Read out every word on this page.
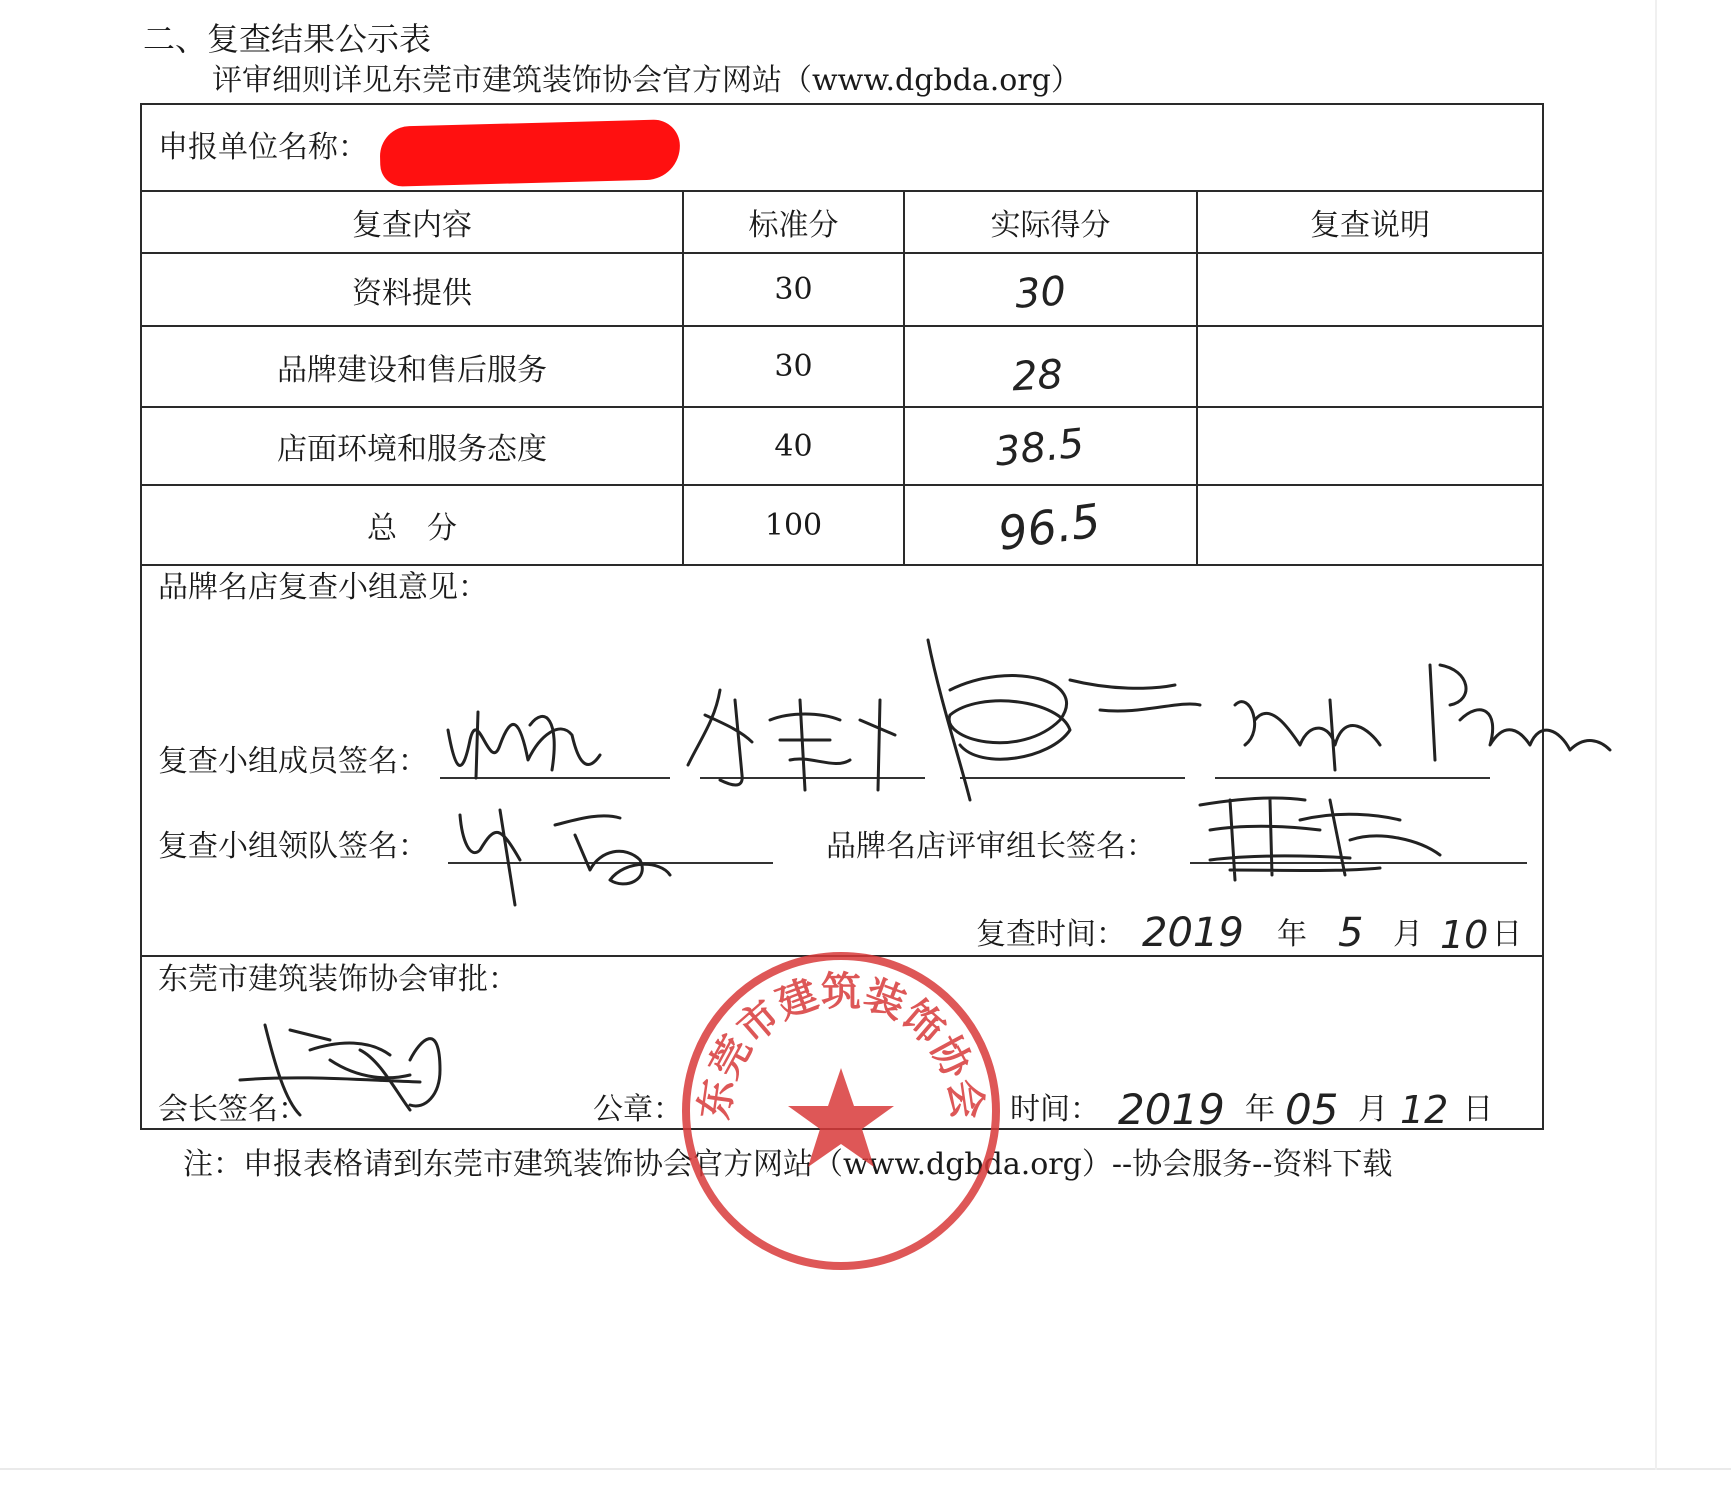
二、复查结果公示表
评审细则详见东莞市建筑装饰协会官方网站（www.dgbda.org）
申报单位名称：
复查内容	标准分	实际得分	复查说明
资料提供	30	30
品牌建设和售后服务	30	28
店面环境和服务态度	40	38.5
总　分	100	96.5
品牌名店复查小组意见：
复查小组成员签名：
复查小组领队签名：	品牌名店评审组长签名：
复查时间： 2019 年 5 月 10 日
东莞市建筑装饰协会审批：
会长签名：	公章：	时间： 2019 年 05 月 12 日
注：申报表格请到东莞市建筑装饰协会官方网站（www.dgbda.org）--协会服务--资料下载
东莞市建筑装饰协会
